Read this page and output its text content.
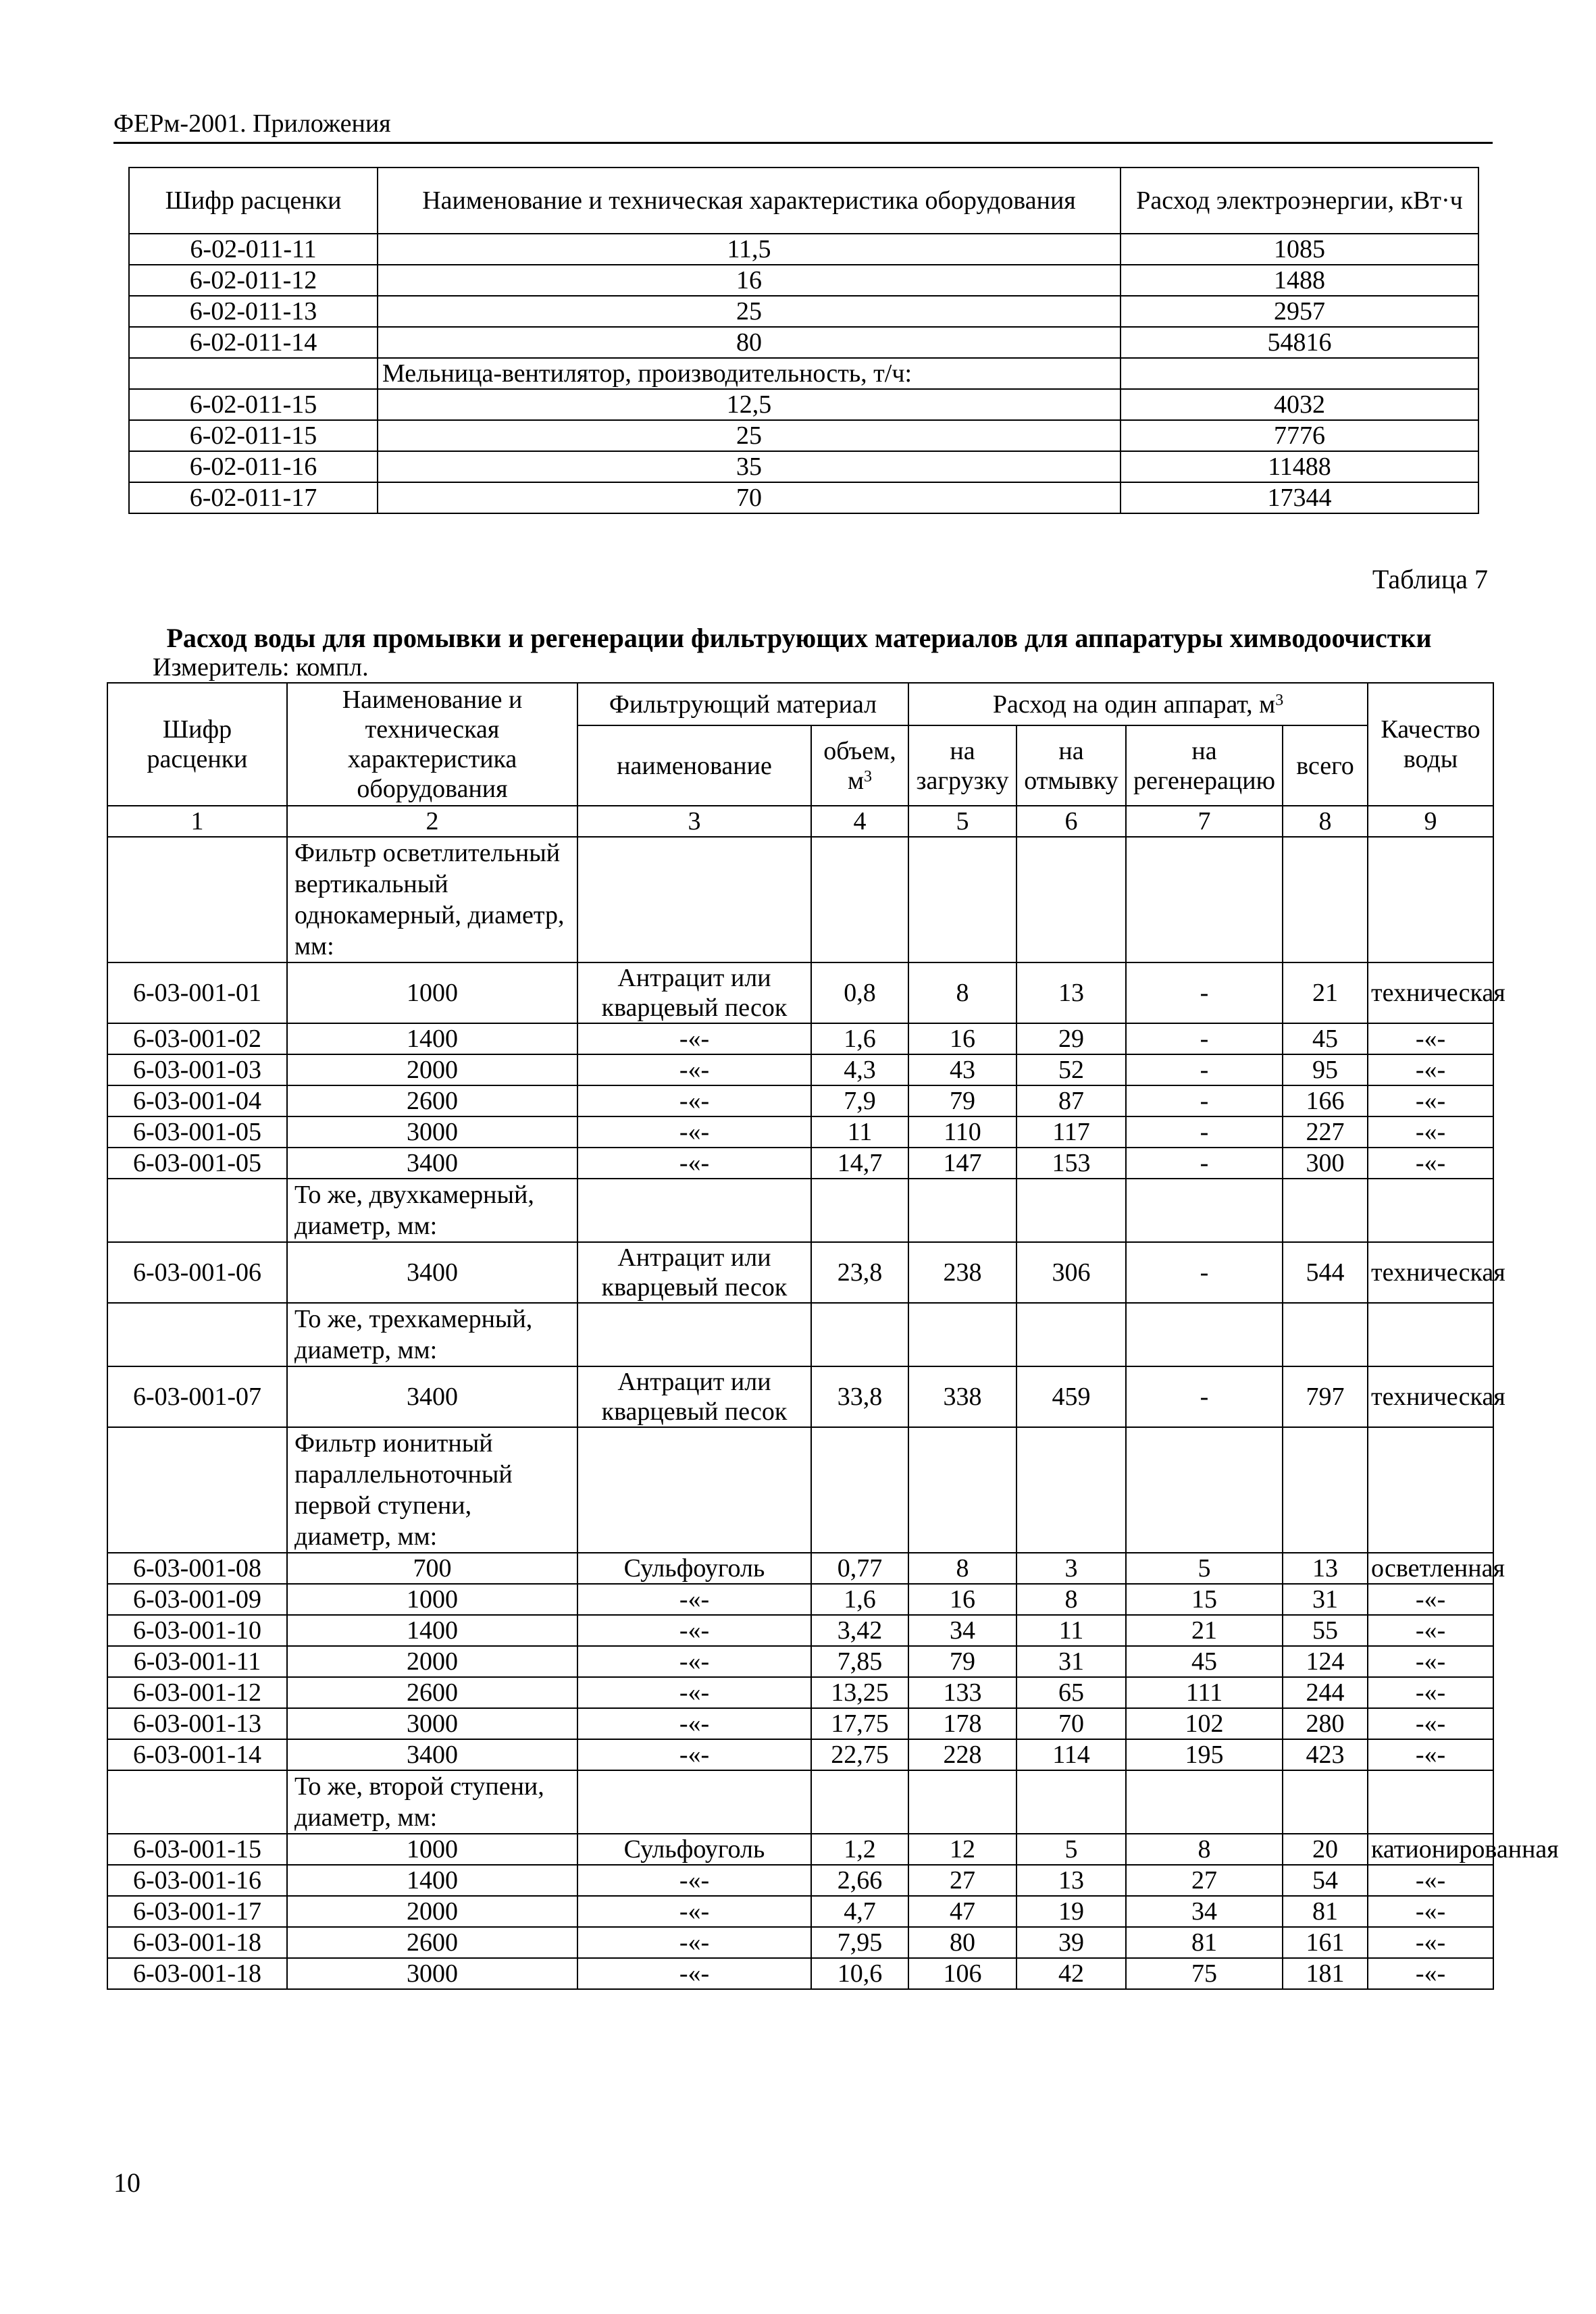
ФЕРм-2001. Приложения
Шифр расценки	Наименование и техническая характеристика оборудования	Расход электроэнергии, кВт·ч
6-02-011-11	11,5	1085
6-02-011-12	16	1488
6-02-011-13	25	2957
6-02-011-14	80	54816
	Мельница-вентилятор, производительность, т/ч:	
6-02-011-15	12,5	4032
6-02-011-15	25	7776
6-02-011-16	35	11488
6-02-011-17	70	17344
Таблица 7
Расход воды для промывки и регенерации фильтрующих материалов для аппаратуры химводоочистки
Измеритель: компл.
Шифр расценки	Наименование и техническая характеристика оборудования	Фильтрующий материал		Расход на один аппарат, $м^3$				Качество воды
		наименование	объем, $м^3$	на загрузку	на отмывку	на регенерацию	всего	
1	2	3	4	5	6	7	8	9
	Фильтр осветлительный вертикальный однокамерный, диаметр, мм:							
6-03-001-01	1000	Антрацит или кварцевый песок	0,8	8	13	-	21	техническая
6-03-001-02	1400	-«-	1,6	16	29	-	45	-«-
6-03-001-03	2000	-«-	4,3	43	52	-	95	-«-
6-03-001-04	2600	-«-	7,9	79	87	-	166	-«-
6-03-001-05	3000	-«-	11	110	117	-	227	-«-
6-03-001-05	3400	-«-	14,7	147	153	-	300	-«-
	То же, двухкамерный, диаметр, мм:							
6-03-001-06	3400	Антрацит или кварцевый песок	23,8	238	306	-	544	техническая
	То же, трехкамерный, диаметр, мм:							
6-03-001-07	3400	Антрацит или кварцевый песок	33,8	338	459	-	797	техническая
	Фильтр ионитный параллельноточный первой ступени, диаметр, мм:							
6-03-001-08	700	Сульфоуголь	0,77	8	3	5	13	осветленная
6-03-001-09	1000	-«-	1,6	16	8	15	31	-«-
6-03-001-10	1400	-«-	3,42	34	11	21	55	-«-
6-03-001-11	2000	-«-	7,85	79	31	45	124	-«-
6-03-001-12	2600	-«-	13,25	133	65	111	244	-«-
6-03-001-13	3000	-«-	17,75	178	70	102	280	-«-
6-03-001-14	3400	-«-	22,75	228	114	195	423	-«-
	То же, второй ступени, диаметр, мм:							
6-03-001-15	1000	Сульфоуголь	1,2	12	5	8	20	катионированная
6-03-001-16	1400	-«-	2,66	27	13	27	54	-«-
6-03-001-17	2000	-«-	4,7	47	19	34	81	-«-
6-03-001-18	2600	-«-	7,95	80	39	81	161	-«-
6-03-001-18	3000	-«-	10,6	106	42	75	181	-«-
10
